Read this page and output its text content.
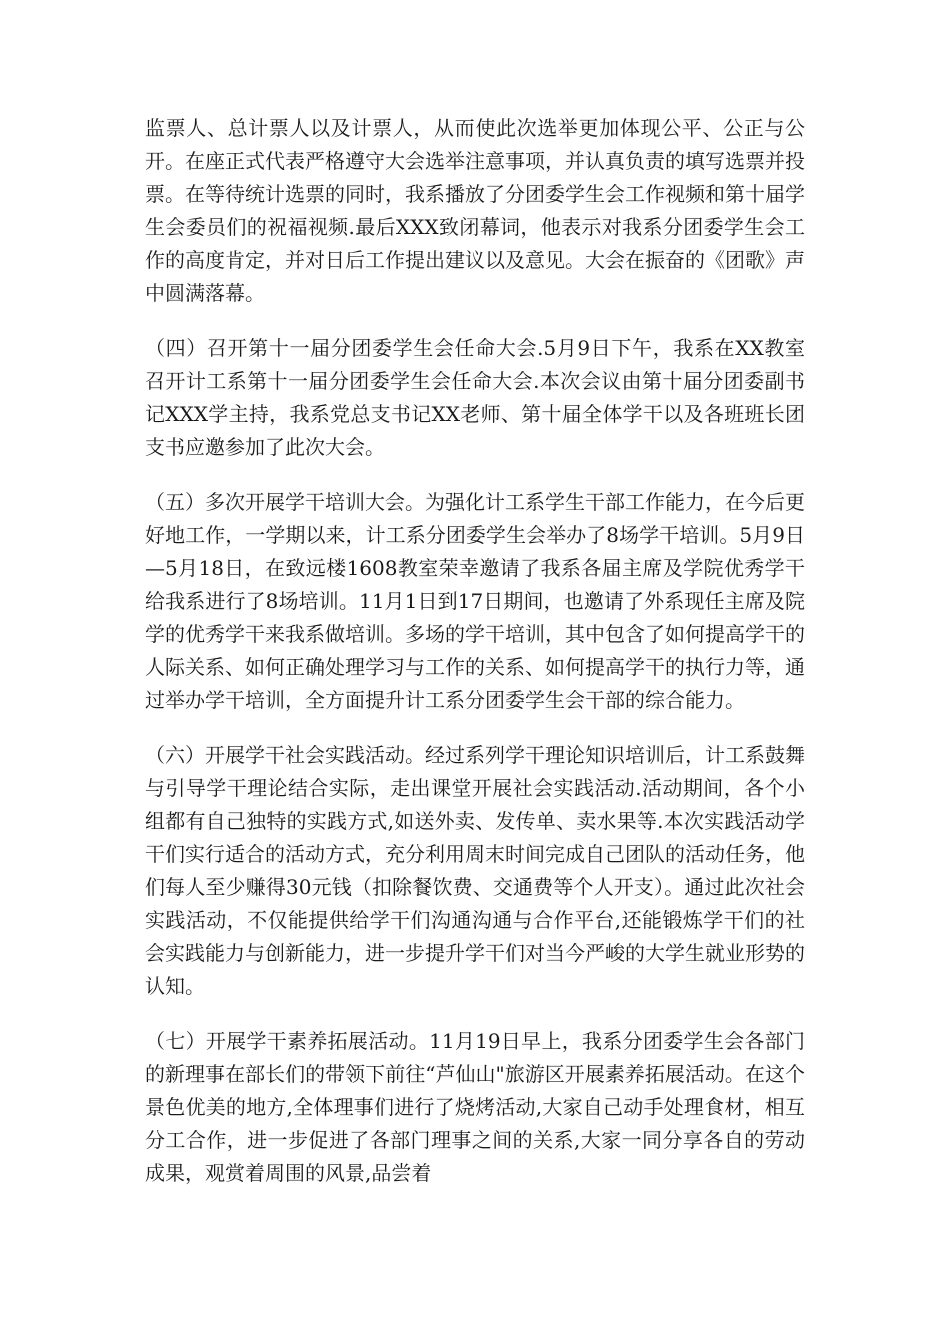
监票人、总计票人以及计票人，从而使此次选举更加体现公平、公正与公开。在座正式代表严格遵守大会选举注意事项，并认真负责的填写选票并投票。在等待统计选票的同时，我系播放了分团委学生会工作视频和第十届学生会委员们的祝福视频.最后XXX致闭幕词，他表示对我系分团委学生会工作的高度肯定，并对日后工作提出建议以及意见。大会在振奋的《团歌》声中圆满落幕。

（四）召开第十一届分团委学生会任命大会.5月9日下午，我系在XX教室召开计工系第十一届分团委学生会任命大会.本次会议由第十届分团委副书记XXX学主持，我系党总支书记XX老师、第十届全体学干以及各班班长团支书应邀参加了此次大会。

（五）多次开展学干培训大会。为强化计工系学生干部工作能力，在今后更好地工作，一学期以来，计工系分团委学生会举办了8场学干培训。5月9日—5月18日，在致远楼1608教室荣幸邀请了我系各届主席及学院优秀学干给我系进行了8场培训。11月1日到17日期间，也邀请了外系现任主席及院学的优秀学干来我系做培训。多场的学干培训，其中包含了如何提高学干的人际关系、如何正确处理学习与工作的关系、如何提高学干的执行力等，通过举办学干培训，全方面提升计工系分团委学生会干部的综合能力。

（六）开展学干社会实践活动。经过系列学干理论知识培训后，计工系鼓舞与引导学干理论结合实际，走出课堂开展社会实践活动.活动期间，各个小组都有自己独特的实践方式,如送外卖、发传单、卖水果等.本次实践活动学干们实行适合的活动方式，充分利用周末时间完成自己团队的活动任务，他们每人至少赚得30元钱（扣除餐饮费、交通费等个人开支）。通过此次社会实践活动，不仅能提供给学干们沟通沟通与合作平台,还能锻炼学干们的社会实践能力与创新能力，进一步提升学干们对当今严峻的大学生就业形势的认知。

（七）开展学干素养拓展活动。11月19日早上，我系分团委学生会各部门的新理事在部长们的带领下前往“芦仙山"旅游区开展素养拓展活动。在这个景色优美的地方,全体理事们进行了烧烤活动,大家自己动手处理食材，相互分工合作，进一步促进了各部门理事之间的关系,大家一同分享各自的劳动成果，观赏着周围的风景,品尝着
